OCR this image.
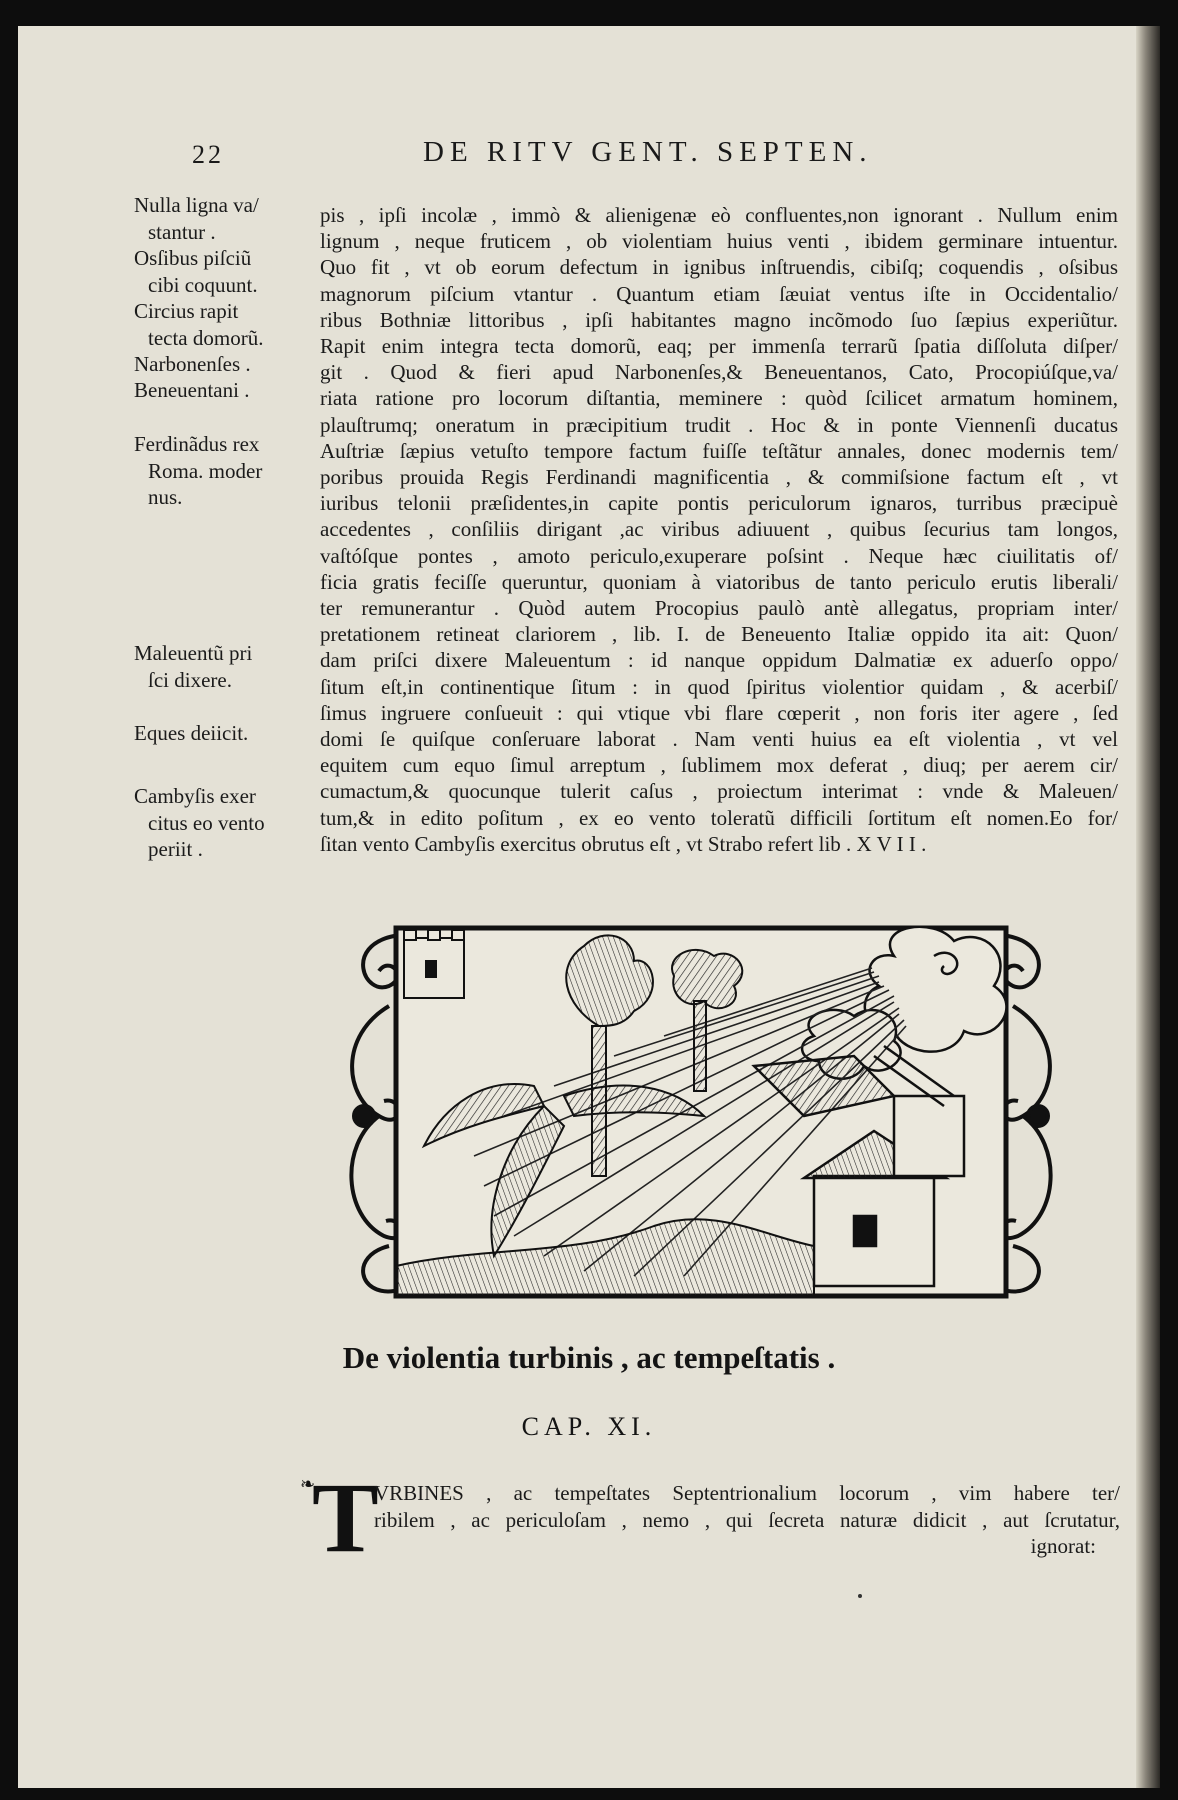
22	DE RITV GENT. SEPTEN.
Nulla ligna va/
stantur .
Osſibus piſciũ
cibi coquunt.
Circius rapit
tecta domorũ.
Narbonenſes .
Beneuentani .
Ferdinãdus rex
Roma. moder
nus.
Maleuentũ pri
ſci dixere.
Eques deiicit.
Cambyſis exer
citus eo vento
periit .
pis , ipſi incolæ , immò & alienigenæ eò confluentes,non ignorant . Nullum enim
lignum , neque fruticem , ob violentiam huius venti , ibidem germinare intuentur.
Quo fit , vt ob eorum defectum in ignibus inſtruendis, cibiſq; coquendis , oſsibus
magnorum piſcium vtantur . Quantum etiam ſæuiat ventus iſte in Occidentalio/
ribus Bothniæ littoribus , ipſi habitantes magno incõmodo ſuo ſæpius experiũtur.
Rapit enim integra tecta domorũ, eaq; per immenſa terrarũ ſpatia diſſoluta diſper/
git . Quod & fieri apud Narbonenſes,& Beneuentanos, Cato, Procopiúſque,va/
riata ratione pro locorum diſtantia, meminere : quòd ſcilicet armatum hominem,
plauſtrumq; oneratum in præcipitium trudit . Hoc & in ponte Viennenſi ducatus
Auſtriæ ſæpius vetuſto tempore factum fuiſſe teſtãtur annales, donec modernis tem/
poribus prouida Regis Ferdinandi magnificentia , & commiſsione factum eſt , vt
iuribus telonii præſidentes,in capite pontis periculorum ignaros, turribus præcipuè
accedentes , conſiliis dirigant ,ac viribus adiuuent , quibus ſecurius tam longos,
vaſtóſque pontes , amoto periculo,exuperare poſsint . Neque hæc ciuilitatis of/
ficia gratis feciſſe queruntur, quoniam à viatoribus de tanto periculo erutis liberali/
ter remunerantur . Quòd autem Procopius paulò antè allegatus, propriam inter/
pretationem retineat clariorem , lib. I. de Beneuento Italiæ oppido ita ait: Quon/
dam priſci dixere Maleuentum : id nanque oppidum Dalmatiæ ex aduerſo oppo/
ſitum eſt,in continentique ſitum : in quod ſpiritus violentior quidam , & acerbiſ/
ſimus ingruere conſueuit : qui vtique vbi flare cœperit , non foris iter agere , ſed
domi ſe quiſque conſeruare laborat . Nam venti huius ea eſt violentia , vt vel
equitem cum equo ſimul arreptum , ſublimem mox deferat , diuq; per aerem cir/
cumactum,& quocunque tulerit caſus , proiectum interimat : vnde & Maleuen/
tum,& in edito poſitum , ex eo vento toleratũ difficili ſortitum eſt nomen.Eo for/
ſitan vento Cambyſis exercitus obrutus eſt , vt Strabo refert lib . X V I I .
De violentia turbinis , ac tempeſtatis .
CAP. XI.
❧
T
VRBINES , ac tempeſtates Septentrionalium locorum , vim habere ter/
ribilem , ac periculoſam , nemo , qui ſecreta naturæ didicit , aut ſcrutatur,
ignorat:
